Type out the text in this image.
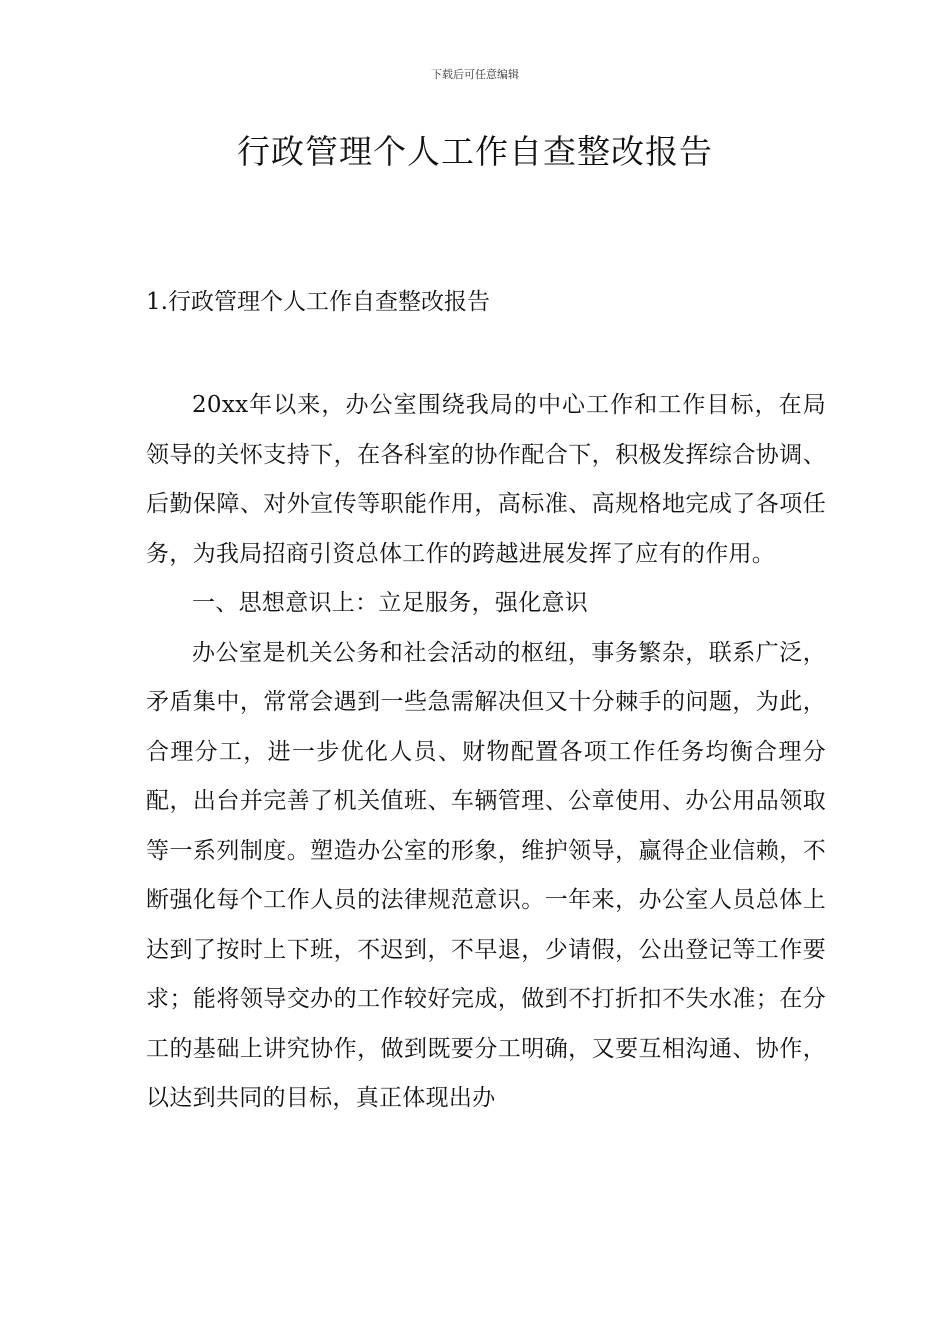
下载后可任意编辑
行政管理个人工作自查整改报告
1.行政管理个人工作自查整改报告

20xx年以来，办公室围绕我局的中心工作和工作目标，在局领导的关怀支持下，在各科室的协作配合下，积极发挥综合协调、后勤保障、对外宣传等职能作用，高标准、高规格地完成了各项任务，为我局招商引资总体工作的跨越进展发挥了应有的作用。

一、思想意识上：立足服务，强化意识

办公室是机关公务和社会活动的枢纽，事务繁杂，联系广泛，矛盾集中，常常会遇到一些急需解决但又十分棘手的问题，为此，合理分工，进一步优化人员、财物配置各项工作任务均衡合理分配，出台并完善了机关值班、车辆管理、公章使用、办公用品领取等一系列制度。塑造办公室的形象，维护领导，赢得企业信赖，不断强化每个工作人员的法律规范意识。一年来，办公室人员总体上达到了按时上下班，不迟到，不早退，少请假，公出登记等工作要求；能将领导交办的工作较好完成，做到不打折扣不失水准；在分工的基础上讲究协作，做到既要分工明确，又要互相沟通、协作，以达到共同的目标，真正体现出办
